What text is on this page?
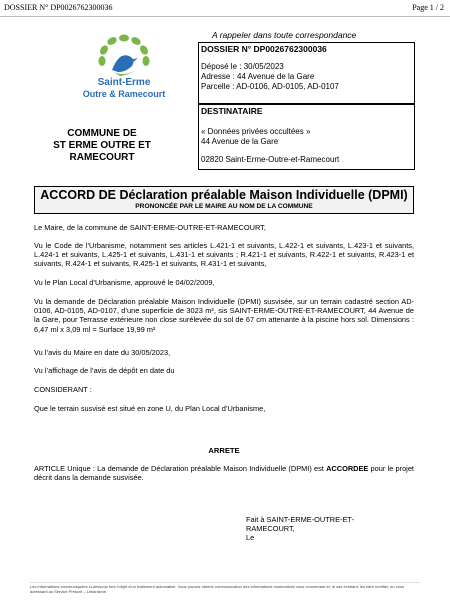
DOSSIER N° DP0026762300036	Page 1 / 2
Saint-Erme
Outre & Ramecourt
COMMUNE DE
ST ERME OUTRE ET
RAMECOURT
A rappeler dans toute correspondance
DOSSIER N° DP0026762300036
Déposé le : 30/05/2023
Adresse : 44 Avenue de la Gare
Parcelle : AD-0106, AD-0105, AD-0107
DESTINATAIRE
« Données privées occultées »
44 Avenue de la Gare
02820 Saint-Erme-Outre-et-Ramecourt
ACCORD DE Déclaration préalable Maison Individuelle (DPMI)
PRONONCÉE PAR LE MAIRE AU NOM DE LA COMMUNE
Le Maire, de la commune de SAINT-ERME-OUTRE-ET-RAMECOURT,
Vu le Code de l’Urbanisme, notamment ses articles L.421-1 et suivants, L.422-1 et suivants, L.423-1 et suivants, L.424-1 et suivants, L.425-1 et suivants, L.431-1 et suivants ; R.421-1 et suivants, R.422-1 et suivants, R.423-1 et suivants, R.424-1 et suivants, R.425-1 et suivants, R.431-1 et suivants,
Vu le Plan Local d’Urbanisme, approuvé le 04/02/2009,
Vu la demande de Déclaration préalable Maison Individuelle (DPMI) susvisée, sur un terrain cadastré section AD-0106, AD-0105, AD-0107, d’une superficie de 3023 m², sis SAINT-ERME-OUTRE-ET-RAMECOURT, 44 Avenue de la Gare, pour Terrasse extérieure non close surélevée du sol de 67 cm attenante à la piscine hors sol. Dimensions : 6,47 ml x 3,09 ml = Surface 19,99 m²
Vu l’avis du Maire en date du 30/05/2023,
Vu l’affichage de l’avis de dépôt en date du
CONSIDERANT :
Que le terrain susvisé est situé en zone U, du Plan Local d’Urbanisme,
ARRETE
ARTICLE Unique : La demande de Déclaration préalable Maison Individuelle (DPMI) est ACCORDEE pour le projet décrit dans la demande susvisée.
Fait à SAINT-ERME-OUTRE-ET-
RAMECOURT,
Le
Les informations communiquées ci-dessous font l’objet d’un traitement automatisé. Vous pouvez obtenir communication des informations nominatives vous concernant et, le cas échéant, les faire rectifier, en vous adressant au Service Prescrit – Urbanisme.
